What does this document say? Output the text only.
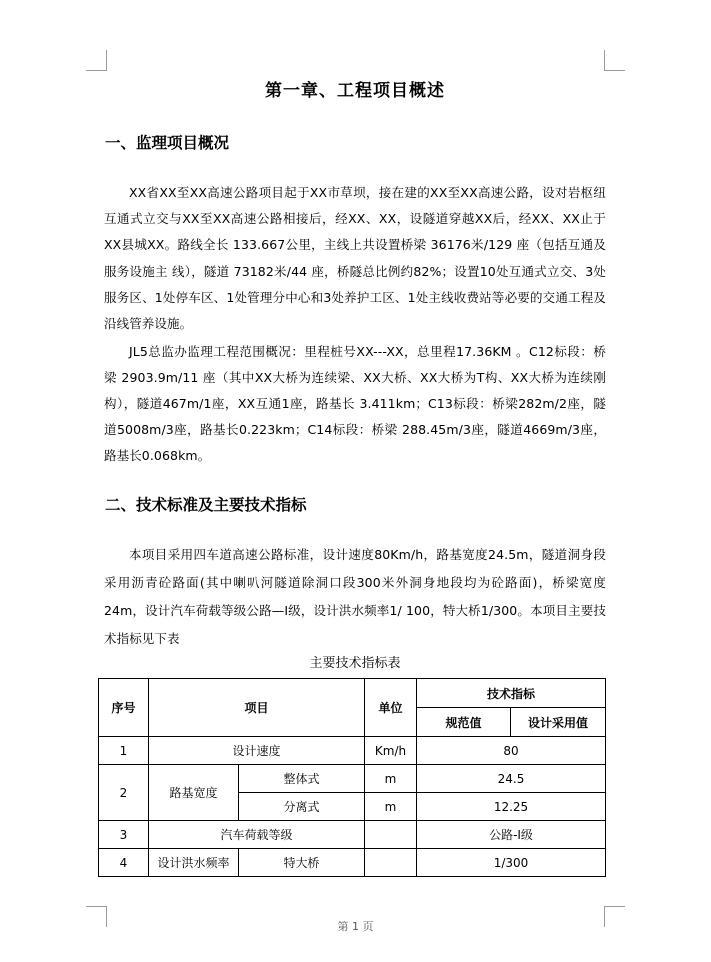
第一章、工程项目概述
一、监理项目概况
XX省XX至XX高速公路项目起于XX市草坝，接在建的XX至XX高速公路，设对岩枢纽互通式立交与XX至XX高速公路相接后，经XX、XX，设隧道穿越XX后，经XX、XX止于XX县城XX。路线全长 133.667公里，主线上共设置桥梁 36176米/129 座（包括互通及服务设施主 线），隧道 73182米/44 座，桥隧总比例约82%；设置10处互通式立交、3处服务区、1处停车区、1处管理分中心和3处养护工区、1处主线收费站等必要的交通工程及沿线管养设施。
JL5总监办监理工程范围概况：里程桩号XX---XX，总里程17.36KM 。C12标段：桥梁 2903.9m/11 座（其中XX大桥为连续梁、XX大桥、XX大桥为T构、XX大桥为连续刚构），隧道467m/1座，XX互通1座，路基长 3.411km；C13标段：桥梁282m/2座，隧道5008m/3座，路基长0.223km；C14标段：桥梁 288.45m/3座，隧道4669m/3座，路基长0.068km。
二、技术标准及主要技术指标
本项目采用四车道高速公路标准，设计速度80Km/h，路基宽度24.5m，隧道洞身段采用沥青砼路面(其中喇叭河隧道除洞口段300米外洞身地段均为砼路面)，桥梁宽度 24m，设计汽车荷载等级公路—I级，设计洪水频率1/ 100，特大桥1/300。本项目主要技术指标见下表
主要技术指标表
序号	项目		单位	技术指标	
				规范值	设计采用值
1	设计速度		Km/h	80	
2	路基宽度	整体式	m	24.5	
		分离式	m	12.25	
3	汽车荷载等级			公路-I级	
4	设计洪水频率	特大桥		1/300	
第 1 页
